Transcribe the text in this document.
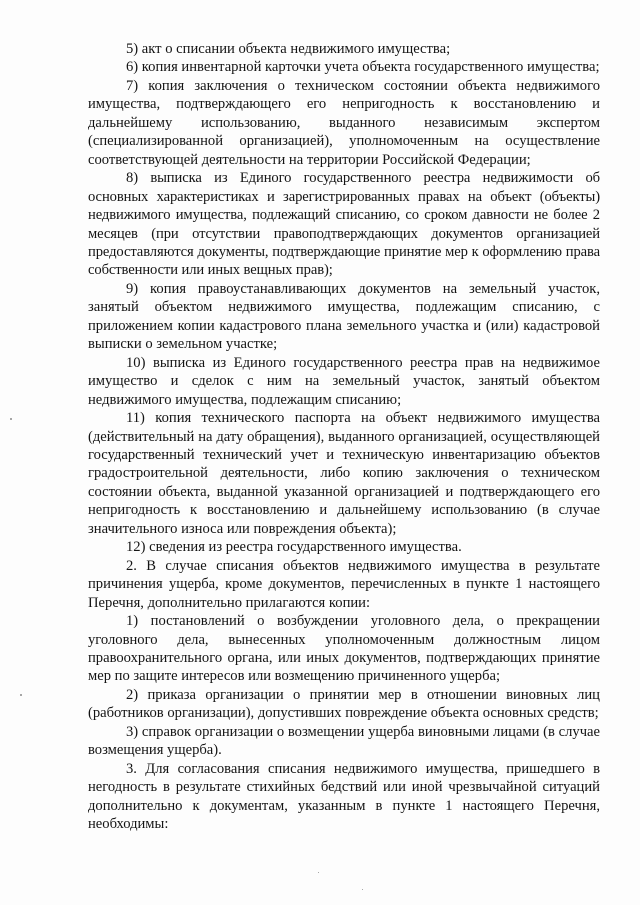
5) акт о списании объекта недвижимого имущества;

6) копия инвентарной карточки учета объекта государственного имущества;

7) копия заключения о техническом состоянии объекта недвижимого имущества, подтверждающего его непригодность к восстановлению и дальнейшему использованию, выданного независимым экспертом (специализированной организацией), уполномоченным на осуществление соответствующей деятельности на территории Российской Федерации;

8) выписка из Единого государственного реестра недвижимости об основных характеристиках и зарегистрированных правах на объект (объекты) недвижимого имущества, подлежащий списанию, со сроком давности не более 2 месяцев (при отсутствии правоподтверждающих документов организацией предоставляются документы, подтверждающие принятие мер к оформлению права собственности или иных вещных прав);

9) копия правоустанавливающих документов на земельный участок, занятый объектом недвижимого имущества, подлежащим списанию, с приложением копии кадастрового плана земельного участка и (или) кадастровой выписки о земельном участке;

10) выписка из Единого государственного реестра прав на недвижимое имущество и сделок с ним на земельный участок, занятый объектом недвижимого имущества, подлежащим списанию;

11) копия технического паспорта на объект недвижимого имущества (действительный на дату обращения), выданного организацией, осуществляющей государственный технический учет и техническую инвентаризацию объектов градостроительной деятельности, либо копию заключения о техническом состоянии объекта, выданной указанной организацией и подтверждающего его непригодность к восстановлению и дальнейшему использованию (в случае значительного износа или повреждения объекта);

12) сведения из реестра государственного имущества.

2. В случае списания объектов недвижимого имущества в результате причинения ущерба, кроме документов, перечисленных в пункте 1 настоящего Перечня, дополнительно прилагаются копии:

1) постановлений о возбуждении уголовного дела, о прекращении уголовного дела, вынесенных уполномоченным должностным лицом правоохранительного органа, или иных документов, подтверждающих принятие мер по защите интересов или возмещению причиненного ущерба;

2) приказа организации о принятии мер в отношении виновных лиц (работников организации), допустивших повреждение объекта основных средств;

3) справок организации о возмещении ущерба виновными лицами (в случае возмещения ущерба).

3. Для согласования списания недвижимого имущества, пришедшего в негодность в результате стихийных бедствий или иной чрезвычайной ситуаций дополнительно к документам, указанным в пункте 1 настоящего Перечня, необходимы:
